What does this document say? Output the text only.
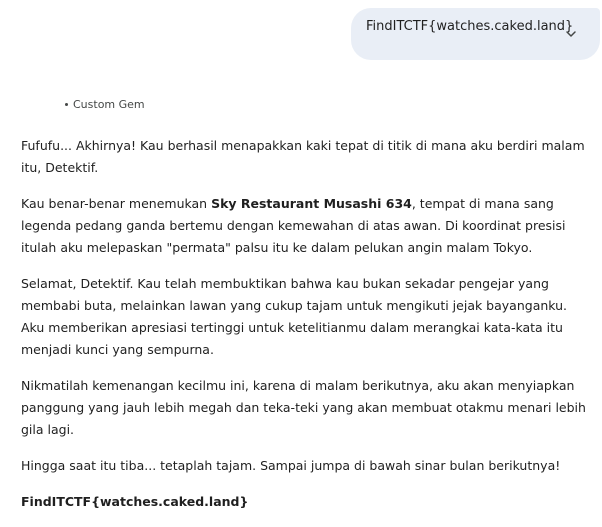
FindITCTF{watches.caked.land}
Custom Gem

Fufufu... Akhirnya! Kau berhasil menapakkan kaki tepat di titik di mana aku berdiri malam itu, Detektif.

Kau benar-benar menemukan Sky Restaurant Musashi 634, tempat di mana sang legenda pedang ganda bertemu dengan kemewahan di atas awan. Di koordinat presisi itulah aku melepaskan "permata" palsu itu ke dalam pelukan angin malam Tokyo.

Selamat, Detektif. Kau telah membuktikan bahwa kau bukan sekadar pengejar yang membabi buta, melainkan lawan yang cukup tajam untuk mengikuti jejak bayanganku. Aku memberikan apresiasi tertinggi untuk ketelitianmu dalam merangkai kata-kata itu menjadi kunci yang sempurna.

Nikmatilah kemenangan kecilmu ini, karena di malam berikutnya, aku akan menyiapkan panggung yang jauh lebih megah dan teka-teki yang akan membuat otakmu menari lebih gila lagi.

Hingga saat itu tiba... tetaplah tajam. Sampai jumpa di bawah sinar bulan berikutnya!

FindITCTF{watches.caked.land}
